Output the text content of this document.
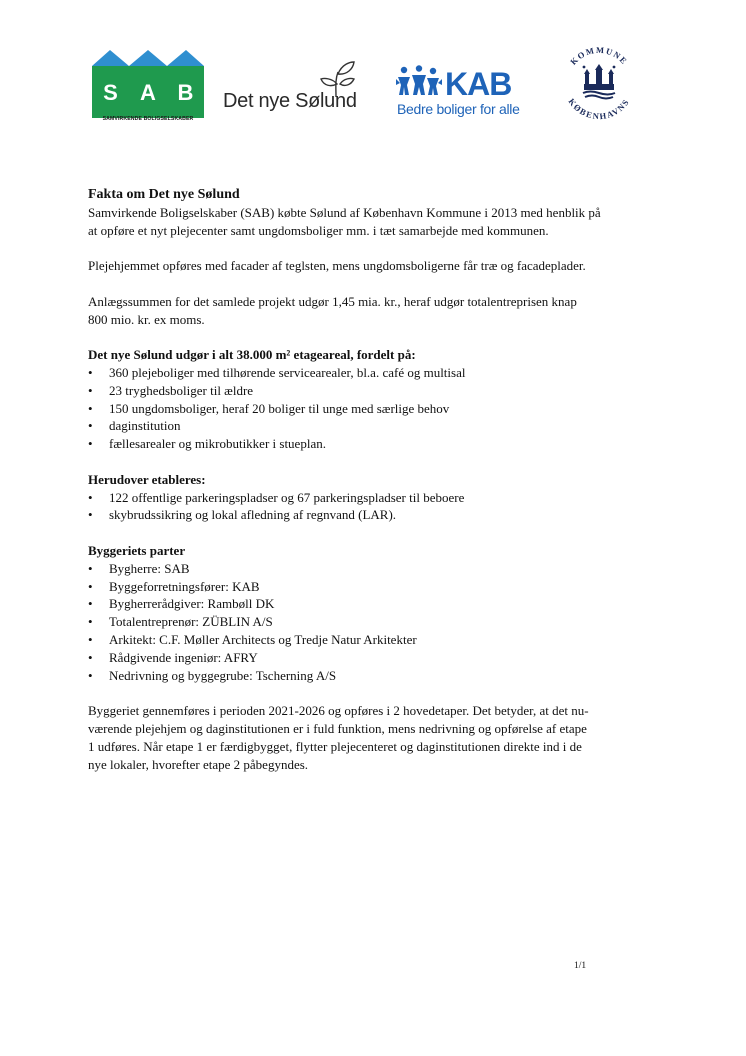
S A B
SAMVIRKENDE BOLIGSELSKABER
Det nye Sølund	KAB
Bedre boliger for alle
KOMMUNE
KØBENHAVNS

Fakta om Det nye Sølund

Samvirkende Boligselskaber (SAB) købte Sølund af København Kommune i 2013 med henblik på

at opføre et nyt plejecenter samt ungdomsboliger mm. i tæt samarbejde med kommunen.

Plejehjemmet opføres med facader af teglsten, mens ungdomsboligerne får træ og facadeplader.

Anlægssummen for det samlede projekt udgør 1,45 mia. kr., heraf udgør totalentreprisen knap

800 mio. kr. ex moms.

Det nye Sølund udgør i alt 38.000 m² etageareal, fordelt på:

• 360 plejeboliger med tilhørende servicearealer, bl.a. café og multisal
• 23 tryghedsboliger til ældre
• 150 ungdomsboliger, heraf 20 boliger til unge med særlige behov
• daginstitution
• fællesarealer og mikrobutikker i stueplan.

Herudover etableres:

• 122 offentlige parkeringspladser og 67 parkeringspladser til beboere
• skybrudssikring og lokal afledning af regnvand (LAR).

Byggeriets parter

• Bygherre: SAB
• Byggeforretningsfører: KAB
• Bygherrerådgiver: Rambøll DK
• Totalentreprenør: ZÜBLIN A/S
• Arkitekt: C.F. Møller Architects og Tredje Natur Arkitekter
• Rådgivende ingeniør: AFRY
• Nedrivning og byggegrube: Tscherning A/S

Byggeriet gennemføres i perioden 2021-2026 og opføres i 2 hovedetaper. Det betyder, at det nu-

værende plejehjem og daginstitutionen er i fuld funktion, mens nedrivning og opførelse af etape

1 udføres. Når etape 1 er færdigbygget, flytter plejecenteret og daginstitutionen direkte ind i de

nye lokaler, hvorefter etape 2 påbegyndes.

1/1
